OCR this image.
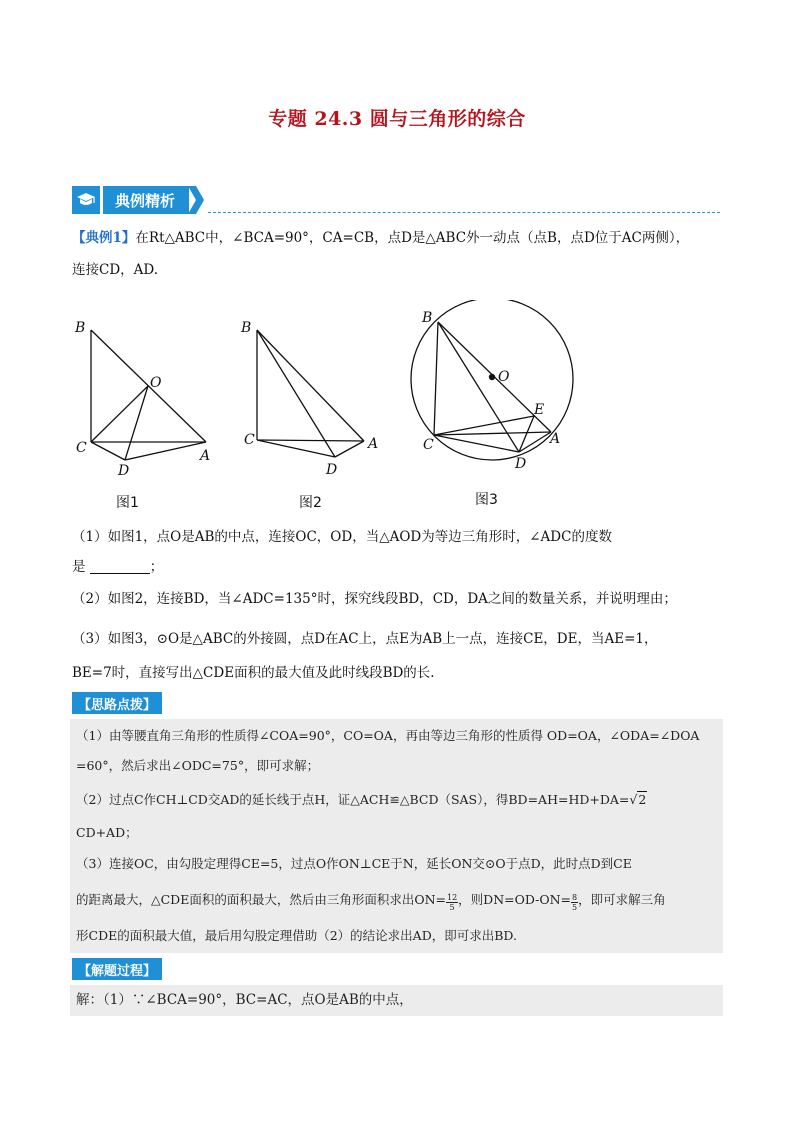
专题 24.3 圆与三角形的综合
典例精析
【典例1】在Rt△ABC中，∠BCA=90°，CA=CB，点D是△ABC外一动点（点B，点D位于AC两侧），
连接CD，AD.
B
O
C
D
A
图1
B
C
D
A
图2
B
O
E
C	A
D
图3
（1）如图1，点O是AB的中点，连接OC，OD，当△AOD为等边三角形时，∠ADC的度数
是	；
（2）如图2，连接BD，当∠ADC=135°时，探究线段BD，CD，DA之间的数量关系，并说明理由；
（3）如图3，⊙O是△ABC的外接圆，点D在AC上，点E为AB上一点，连接CE，DE，当AE=1，
BE=7时，直接写出△CDE面积的最大值及此时线段BD的长.
【思路点拨】
（1）由等腰直角三角形的性质得∠COA=90°，CO=OA，再由等边三角形的性质得 OD=OA，∠ODA=∠DOA
=60°，然后求出∠ODC=75°，即可求解；
（2）过点C作CH⊥CD交AD的延长线于点H，证△ACH≌△BCD（SAS），得BD=AH=HD+DA=√2
CD+AD；
（3）连接OC，由勾股定理得CE=5，过点O作ON⊥CE于N，延长ON交⊙O于点D，此时点D到CE
的距离最大，△CDE面积的面积最大，然后由三角形面积求出$ON= \frac{12}{5}$ ，则$DN=OD-ON= \frac{8}{5}$ ，即可求解三角
形CDE的面积最大值，最后用勾股定理借助（2）的结论求出AD，即可求出BD.
【解题过程】
解：（1）∵∠BCA=90°，BC=AC，点O是AB的中点，
